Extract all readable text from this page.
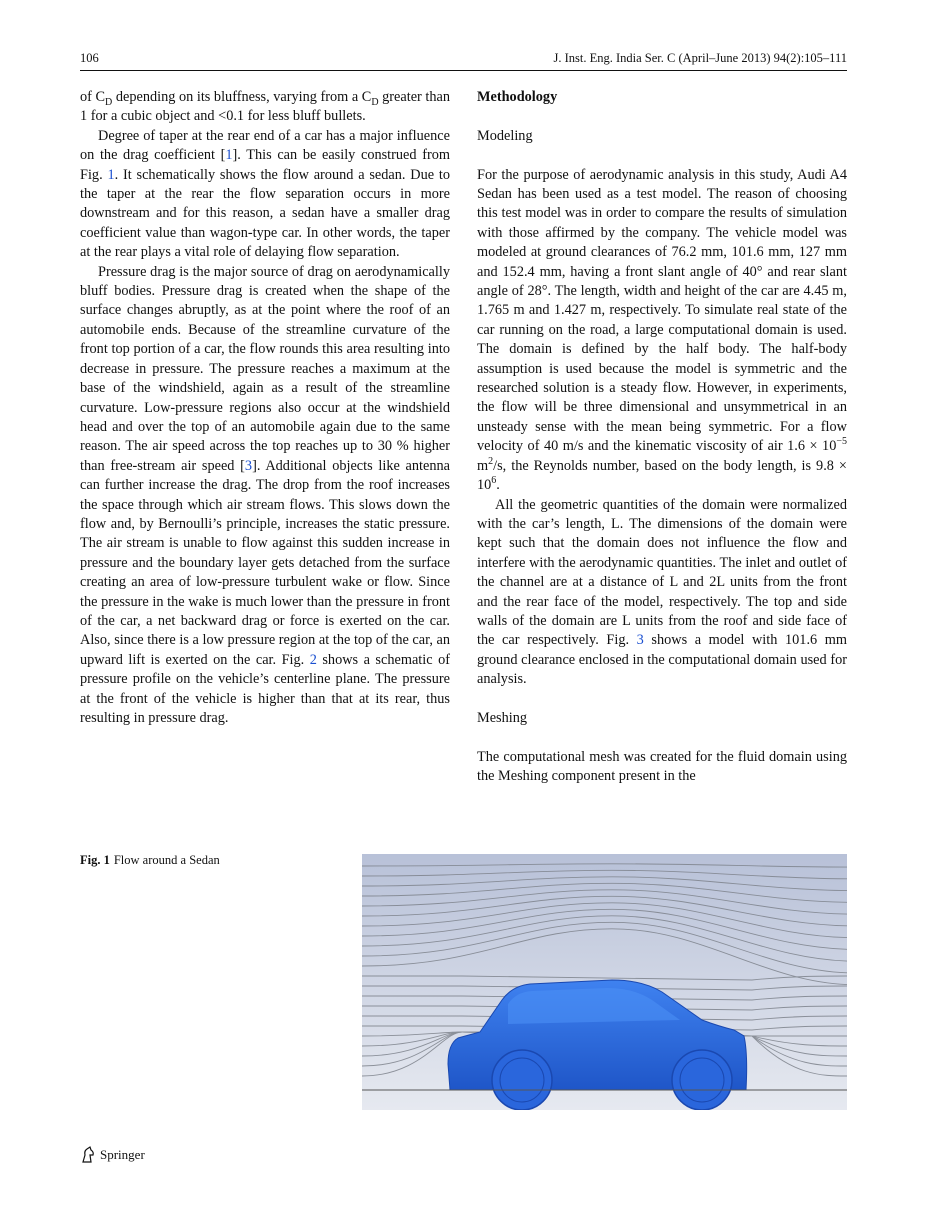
106	J. Inst. Eng. India Ser. C (April–June 2013) 94(2):105–111

of $C_D$ depending on its bluffness, varying from a $C_D$ greater than 1 for a cubic object and <0.1 for less bluff bullets.

Degree of taper at the rear end of a car has a major influence on the drag coefficient [1]. This can be easily construed from Fig. 1. It schematically shows the flow around a sedan. Due to the taper at the rear the flow separation occurs in more downstream and for this reason, a sedan have a smaller drag coefficient value than wagon-type car. In other words, the taper at the rear plays a vital role of delaying flow separation.

Pressure drag is the major source of drag on aerodynamically bluff bodies. Pressure drag is created when the shape of the surface changes abruptly, as at the point where the roof of an automobile ends. Because of the streamline curvature of the front top portion of a car, the flow rounds this area resulting into decrease in pressure. The pressure reaches a maximum at the base of the windshield, again as a result of the streamline curvature. Low-pressure regions also occur at the windshield head and over the top of an automobile again due to the same reason. The air speed across the top reaches up to 30 % higher than free-stream air speed [3]. Additional objects like antenna can further increase the drag. The drop from the roof increases the space through which air stream flows. This slows down the flow and, by Bernoulli’s principle, increases the static pressure. The air stream is unable to flow against this sudden increase in pressure and the boundary layer gets detached from the surface creating an area of low-pressure turbulent wake or flow. Since the pressure in the wake is much lower than the pressure in front of the car, a net backward drag or force is exerted on the car. Also, since there is a low pressure region at the top of the car, an upward lift is exerted on the car. Fig. 2 shows a schematic of pressure profile on the vehicle’s centerline plane. The pressure at the front of the vehicle is higher than that at its rear, thus resulting in pressure drag.

Methodology
Modeling

For the purpose of aerodynamic analysis in this study, Audi A4 Sedan has been used as a test model. The reason of choosing this test model was in order to compare the results of simulation with those affirmed by the company. The vehicle model was modeled at ground clearances of 76.2 mm, 101.6 mm, 127 mm and 152.4 mm, having a front slant angle of 40° and rear slant angle of 28°. The length, width and height of the car are 4.45 m, 1.765 m and 1.427 m, respectively. To simulate real state of the car running on the road, a large computational domain is used. The domain is defined by the half body. The half-body assumption is used because the model is symmetric and the researched solution is a steady flow. However, in experiments, the flow will be three dimensional and unsymmetrical in an unsteady sense with the mean being symmetric. For a flow velocity of 40 m/s and the kinematic viscosity of air $1.6 \times 10^{-5}$ $m^2/s$, the Reynolds number, based on the body length, is $9.8 \times 10^6$.

All the geometric quantities of the domain were normalized with the car’s length, L. The dimensions of the domain were kept such that the domain does not influence the flow and interfere with the aerodynamic quantities. The inlet and outlet of the channel are at a distance of L and 2L units from the front and the rear face of the model, respectively. The top and side walls of the domain are L units from the roof and side face of the car respectively. Fig. 3 shows a model with 101.6 mm ground clearance enclosed in the computational domain used for analysis.

Meshing

The computational mesh was created for the fluid domain using the Meshing component present in the

Fig. 1 Flow around a Sedan
Springer
